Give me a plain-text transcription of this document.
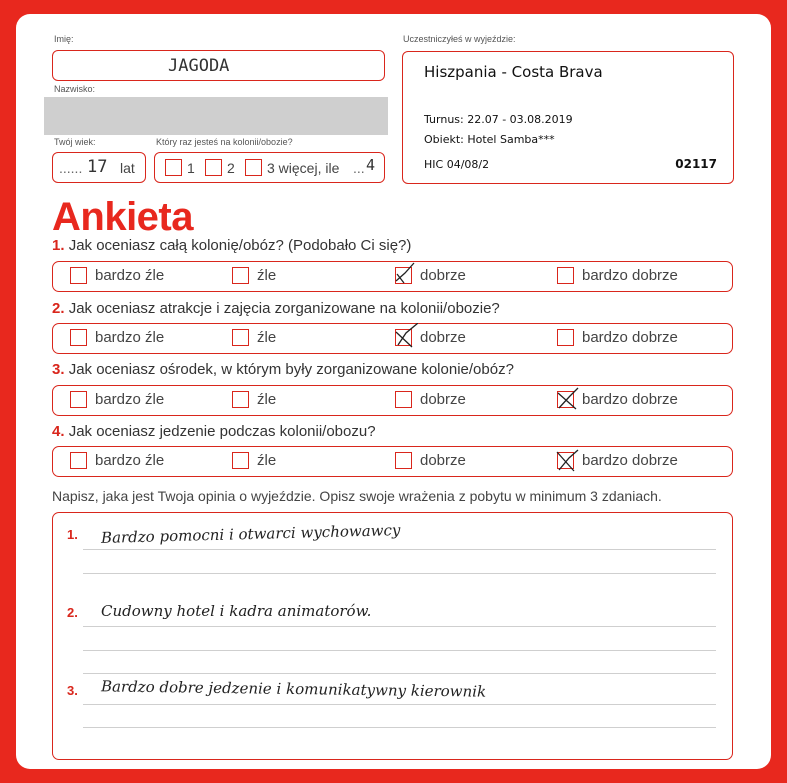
Imię:
JAGODA
Nazwisko:
Twój wiek:
...... 17 lat
Który raz jesteś na kolonii/obozie?
1 2 3 więcej, ile ... 4
Uczestniczyłeś w wyjeździe:
Hiszpania - Costa Brava
Turnus: 22.07 - 03.08.2019
Obiekt: Hotel Samba***
HIC 04/08/2	02117
Ankieta
1. Jak oceniasz całą kolonię/obóz? (Podobało Ci się?)
bardzo źle	źle	dobrze	bardzo dobrze
2. Jak oceniasz atrakcje i zajęcia zorganizowane na kolonii/obozie?
bardzo źle	źle	dobrze	bardzo dobrze
3. Jak oceniasz ośrodek, w którym były zorganizowane kolonie/obóz?
bardzo źle	źle	dobrze	bardzo dobrze
4. Jak oceniasz jedzenie podczas kolonii/obozu?
bardzo źle	źle	dobrze	bardzo dobrze
Napisz, jaka jest Twoja opinia o wyjeździe. Opisz swoje wrażenia z pobytu w minimum 3 zdaniach.
1. Bardzo pomocni i otwarci wychowawcy
2. Cudowny hotel i kadra animatorów.
3. Bardzo dobre jedzenie i komunikatywny kierownik
